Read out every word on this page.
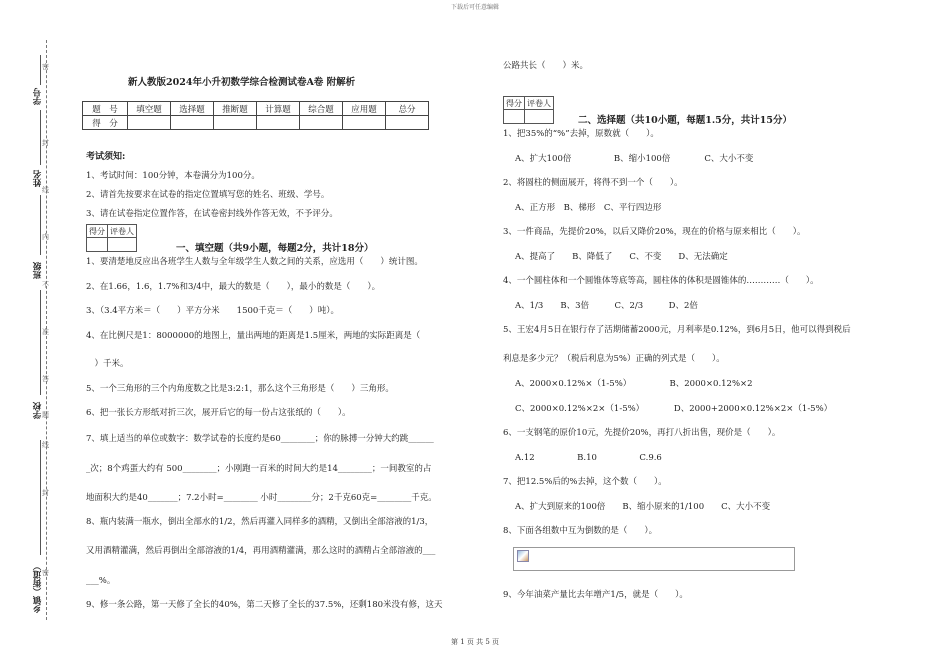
下载后可任意编辑
学号
姓名
班级
学校
乡镇（街道）
密
封
线
内
不
准
答
题
线
封
密
新人教版2024年小升初数学综合检测试卷A卷 附解析
题　号	填空题	选择题	推断题	计算题	综合题	应用题	总分
得　分							
考试须知:
1、考试时间：100分钟，本卷满分为100分。
2、请首先按要求在试卷的指定位置填写您的姓名、班级、学号。
3、请在试卷指定位置作答，在试卷密封线外作答无效，不予评分。
得分	评卷人

一、填空题（共9小题，每题2分，共计18分）
1、要清楚地反应出各班学生人数与全年级学生人数之间的关系，应选用（　　）统计图。
2、在1.66，1.6，1.7%和3/4中，最大的数是（　　），最小的数是（　　）。
3、（3.4平方米＝（　　）平方分米　　1500千克＝（　　）吨）。
4、在比例尺是1：8000000的地图上，量出两地的距离是1.5厘米，两地的实际距离是（
　）千米。
5、一个三角形的三个内角度数之比是3:2:1，那么这个三角形是（　　）三角形。
6、把一张长方形纸对折三次，展开后它的每一份占这张纸的（　　）。
7、填上适当的单位或数字：数学试卷的长度约是60________；你的脉搏一分钟大约跳______
_次；8个鸡蛋大约有 500________；小刚跑一百米的时间大约是14________；一间教室的占
地面积大约是40_______；7.2小时=________ 小时________分；2千克60克=________千克。
8、瓶内装满一瓶水，倒出全部水的1/2，然后再灌入同样多的酒精，又倒出全部溶液的1/3，
又用酒精灌满，然后再倒出全部溶液的1/4，再用酒精灌满，那么这时的酒精占全部溶液的___
___%。
9、修一条公路，第一天修了全长的40%，第二天修了全长的37.5%，还剩180米没有修，这天
公路共长（　　）米。
得分	评卷人

二、选择题（共10小题，每题1.5分，共计15分）
1、把35%的“%”去掉，原数就（　　）。
A、扩大100倍　　　　　B、缩小100倍　　　　C、大小不变
2、将圆柱的侧面展开，将得不到一个（　　）。
A、正方形　B、梯形　C、平行四边形
3、一件商品，先提价20%，以后又降价20%，现在的价格与原来相比（　　）。
A、提高了　　B、降低了　　C、不变　　D、无法确定
4、一个圆柱体和一个圆锥体等底等高，圆柱体的体积是圆锥体的…………（　　）。
A、1/3　　B、3倍　　　C、2/3　　　D、2倍
5、王宏4月5日在银行存了活期储蓄2000元，月利率是0.12%，到6月5日，他可以得到税后
利息是多少元？（税后利息为5%）正确的列式是（　　）。
A、2000×0.12%×（1-5%）　　　　　B、2000×0.12%×2
C、2000×0.12%×2×（1-5%）　　　　D、2000+2000×0.12%×2×（1-5%）
6、一支钢笔的原价10元，先提价20%，再打八折出售，现价是（　　）。
A.12　　　　　B.10　　　　　C.9.6
7、把12.5%后的%去掉，这个数（　　）。
A、扩大到原来的100倍　　B、缩小原来的1/100　　C、大小不变
8、下面各组数中互为倒数的是（　　）。
9、今年油菜产量比去年增产1/5，就是（　　）。
第 1 页 共 5 页
